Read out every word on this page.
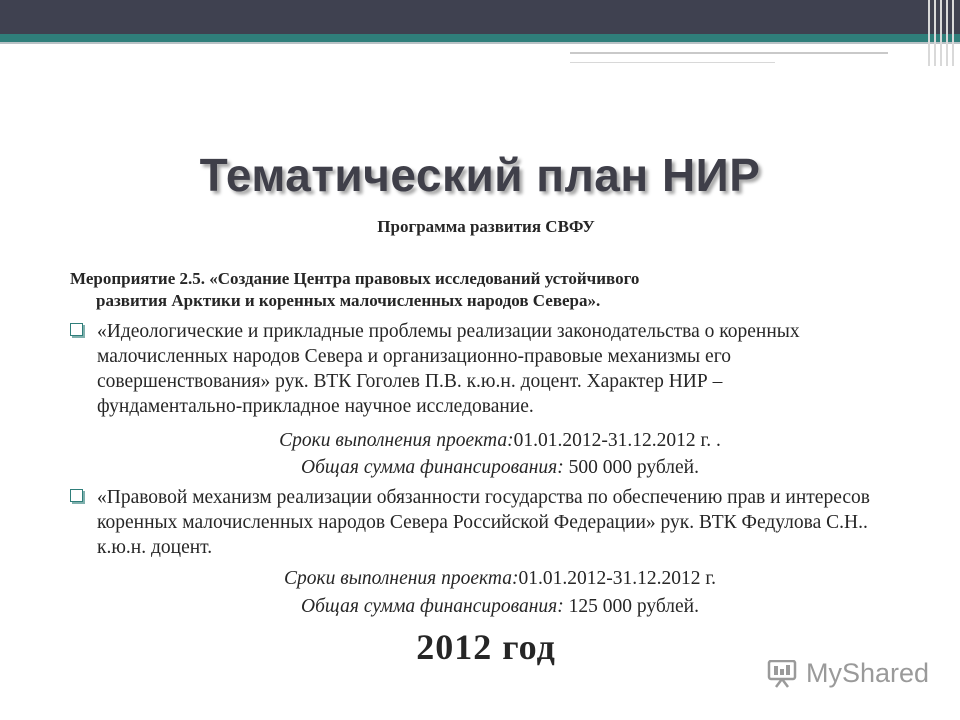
Тематический план НИР
Программа развития СВФУ
Мероприятие 2.5. «Создание Центра правовых исследований устойчивого
развития Арктики и коренных малочисленных народов Севера».
«Идеологические и прикладные проблемы реализации законодательства о коренных малочисленных народов Севера и организационно-правовые механизмы его совершенствования» рук. ВТК Гоголев П.В. к.ю.н. доцент. Характер НИР – фундаментально-прикладное научное исследование.
Сроки выполнения проекта:01.01.2012-31.12.2012 г. .
Общая сумма финансирования: 500 000 рублей.
«Правовой механизм реализации обязанности государства по обеспечению прав и интересов коренных малочисленных народов Севера Российской Федерации» рук. ВТК Федулова С.Н.. к.ю.н. доцент.
Сроки выполнения проекта:01.01.2012-31.12.2012 г.
Общая сумма финансирования: 125 000 рублей.
2012 год
MyShared
